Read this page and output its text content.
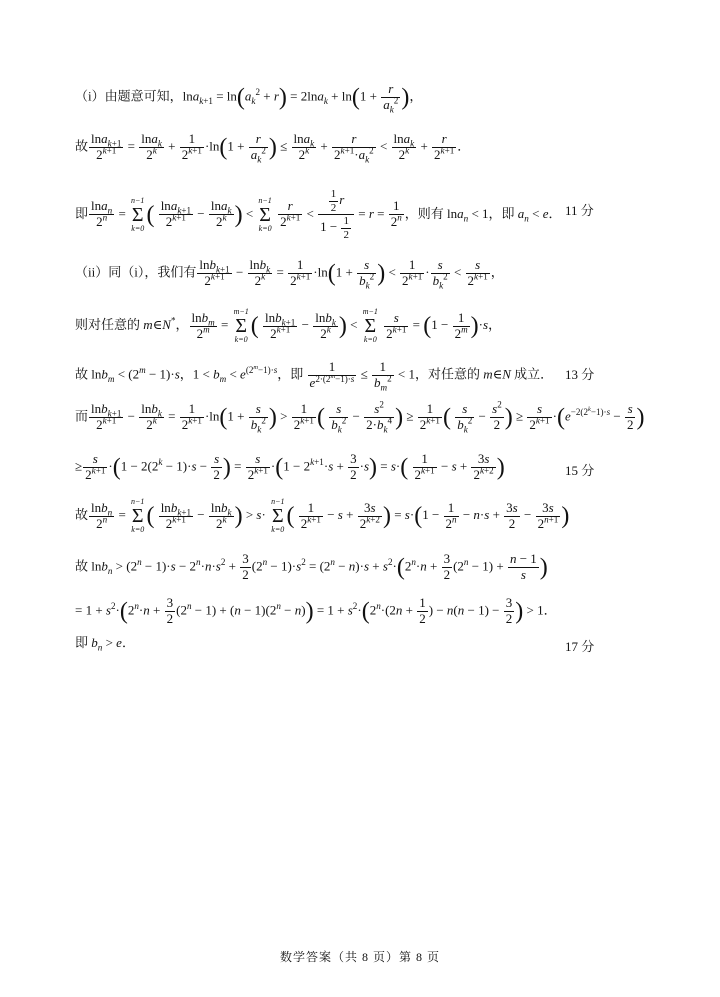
（i）由题意可知，$\ln a_{k+1} = \ln(a_k^2 + r) = 2\ln a_k + \ln(1 + \frac{r}{a_k^2}$ )，
故 $\frac{\ln a_{k+1}}{2^{k+1}} = \frac{\ln a_k}{2^k} + \frac{1}{2^{k+1}} \cdot\ln(1 + \frac{r}{a_k^2}$ ) ≤ $\frac{\ln a_k}{2^k} + \frac{r}{2^{k+1}\cdot a_k^2} < \frac{\ln a_k}{2^k} + \frac{r}{2^{k+1}}$ ．
即 $\frac{\ln a_n}{2^n}$ =
n−1
Σ
k=0
( $\frac{\ln a_{k+1}}{2^{k+1}} - \frac{\ln a_k}{2^k}$ ) <
n−1
Σ
k=0
$\frac{r}{2^{k+1}} < \frac{\frac{1}{2} r}{1 - \frac{1}{2}} = r = \frac{1}{2^n}$ ，则有 lna$_n$ < 1，即 $a_n < e$． 11 分
（ii）同（i），我们有 $\frac{\ln b_{k+1}}{2^{k+1}} - \frac{\ln b_k}{2^k} = \frac{1}{2^{k+1}} \cdot\ln(1 + \frac{s}{b_k^2}$ ) < $\frac{1}{2^{k+1}} \cdot \frac{s}{b_k^2} < \frac{s}{2^{k+1}}$ ，
则对任意的 m∈N*， $\frac{\ln b_m}{2^m}$ =
m−1
Σ
k=0
( $\frac{\ln b_{k+1}}{2^{k+1}} - \frac{\ln b_k}{2^k}$ ) <
m−1
Σ
k=0
$\frac{s}{2^{k+1}} = (1 - \frac{1}{2^m} )\cdot s$，
故 $\ln b_m < (2^m - 1)\cdot s$，$1 < b_m < e^{(2^m-1)\cdot s}$，即 $\frac{1}{e^{2\cdot(2^m-1)\cdot s}} \le \frac{1}{b_m^2} < 1$，对任意的 m∈N 成立． 13 分
而 $\frac{\ln b_{k+1}}{2^{k+1}} - \frac{\ln b_k}{2^k} = \frac{1}{2^{k+1}} \cdot\ln(1 + \frac{s}{b_k^2}$ ) > $\frac{1}{2^{k+1}}$ ( $\frac{s}{b_k^2} - \frac{s^2}{2\cdot b_k^4}$ ) ≥ $\frac{1}{2^{k+1}}$ ( $\frac{s}{b_k^2} - \frac{s^2}{2}$ ) ≥ $\frac{s}{2^{k+1}} \cdot(e^{-2(2^k-1)\cdot s} - \frac{s}{2}$ )
≥ $\frac{s}{2^{k+1}} \cdot(1 - 2(2^k - 1)\cdot s - \frac{s}{2}$ ) = $\frac{s}{2^{k+1}} \cdot(1 - 2^{k+1}\cdot s + \frac{3}{2} \cdot s) = s\cdot( \frac{1}{2^{k+1}} - s + \frac{3s}{2^{k+2}}$ )	15 分
故 $\frac{\ln b_n}{2^n}$ =
n−1
Σ
k=0
( $\frac{\ln b_{k+1}}{2^{k+1}} - \frac{\ln b_k}{2^k}$ ) > s·
n−1
Σ
k=0
( $\frac{1}{2^{k+1}} - s + \frac{3s}{2^{k+2}}$ ) = $s\cdot(1 - \frac{1}{2^n} - n\cdot s + \frac{3s}{2} - \frac{3s}{2^{n+1}}$ )
故 $\ln b_n > (2^n - 1)\cdot s - 2^n\cdot n\cdot s^2 + \frac{3}{2} (2^n - 1)\cdot s^2 = (2^n - n)\cdot s + s^2\cdot(2^n\cdot n + \frac{3}{2} (2^n - 1) + \frac{n - 1}{s}$ )
= $1 + s^2\cdot(2^n\cdot n + \frac{3}{2} (2^n - 1) + (n - 1)(2^n - n)) = 1 + s^2\cdot(2^n\cdot(2n + \frac{1}{2}$ ) − $n(n - 1) - \frac{3}{2}$ ) > 1．
即 $b_n > e$．	17 分
数学答案（共 8 页）第 8 页
